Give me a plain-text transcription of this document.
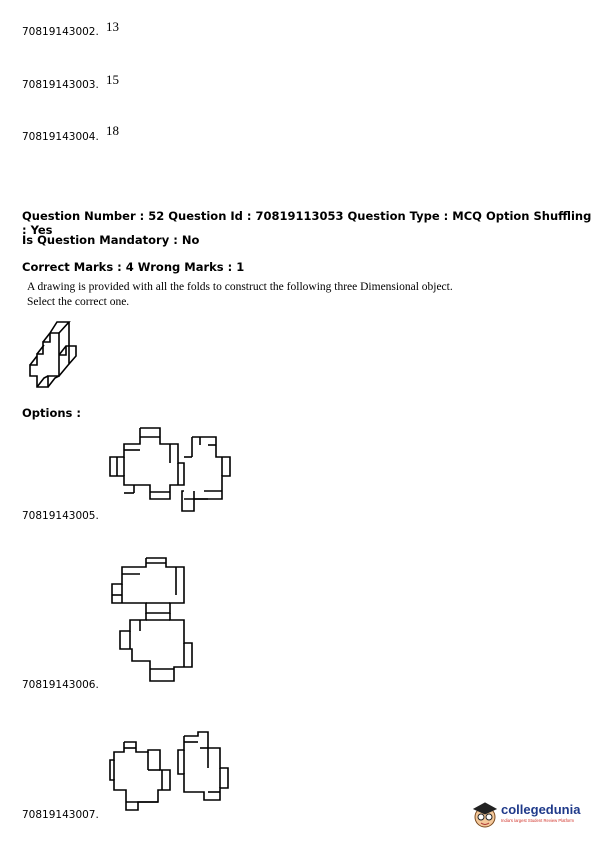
70819143002. 13
70819143003. 15
70819143004. 18
Question Number : 52 Question Id : 70819113053 Question Type : MCQ Option Shuffling : Yes
Is Question Mandatory : No
Correct Marks : 4 Wrong Marks : 1
A drawing is provided with all the folds to construct the following three Dimensional object.
Select the correct one.
Options :
70819143005.
70819143006.
70819143007.	collegedunia
India's largest Student Review Platform
